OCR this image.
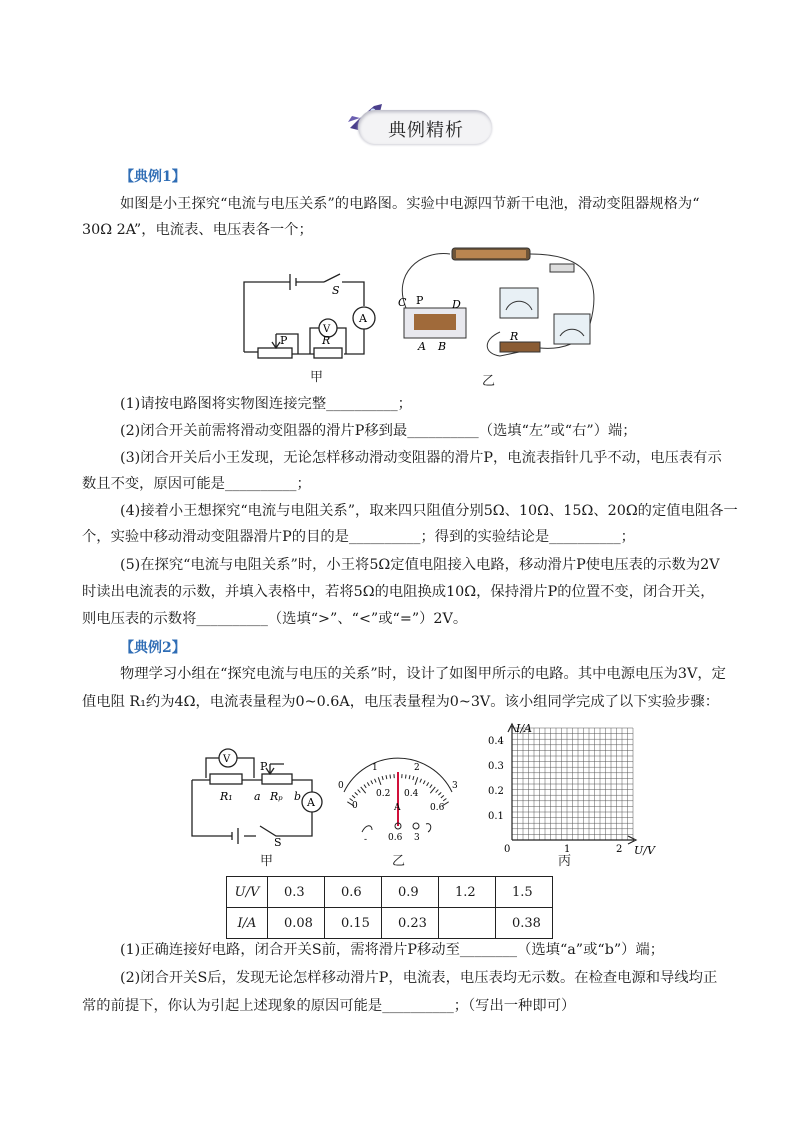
典例精析
【典例1】
如图是小王探究“电流与电压关系”的电路图。实验中电源四节新干电池，滑动变阻器规格为“
30Ω 2A”，电流表、电压表各一个；
S
P	R
V
A
甲
C P	D
A B
R
乙
(1)请按电路图将实物图连接完整__________；
(2)闭合开关前需将滑动变阻器的滑片P移到最__________（选填“左”或“右”）端；
(3)闭合开关后小王发现，无论怎样移动滑动变阻器的滑片P，电流表指针几乎不动，电压表有示
数且不变，原因可能是__________；
(4)接着小王想探究“电流与电阻关系”，取来四只阻值分别5Ω、10Ω、15Ω、20Ω的定值电阻各一
个，实验中移动滑动变阻器滑片P的目的是__________；得到的实验结论是__________；
(5)在探究“电流与电阻关系”时，小王将5Ω定值电阻接入电路，移动滑片P使电压表的示数为2V
时读出电流表的示数，并填入表格中，若将5Ω的电阻换成10Ω，保持滑片P的位置不变，闭合开关，
则电压表的示数将__________（选填“>”、“<”或“=”）2V。
【典例2】
物理学习小组在“探究电流与电压的关系”时，设计了如图甲所示的电路。其中电源电压为3V，定
值电阻 R₁约为4Ω，电流表量程为0~0.6A，电压表量程为0~3V。该小组同学完成了以下实验步骤：
V
P
R₁ a Rₚ b A
S
甲
0
1	2
3
0
0.2 0.4
0.6
A
- 0.6 3
乙
I/A
U/V
0.4
0.3
0.2
0.1
0	1	2
丙
U/V	0.3	0.6	0.9	1.2	1.5
I/A	0.08	0.15	0.23		0.38
(1)正确连接好电路，闭合开关S前，需将滑片P移动至________（选填“a”或“b”）端；
(2)闭合开关S后，发现无论怎样移动滑片P，电流表，电压表均无示数。在检查电源和导线均正
常的前提下，你认为引起上述现象的原因可能是__________；（写出一种即可）
